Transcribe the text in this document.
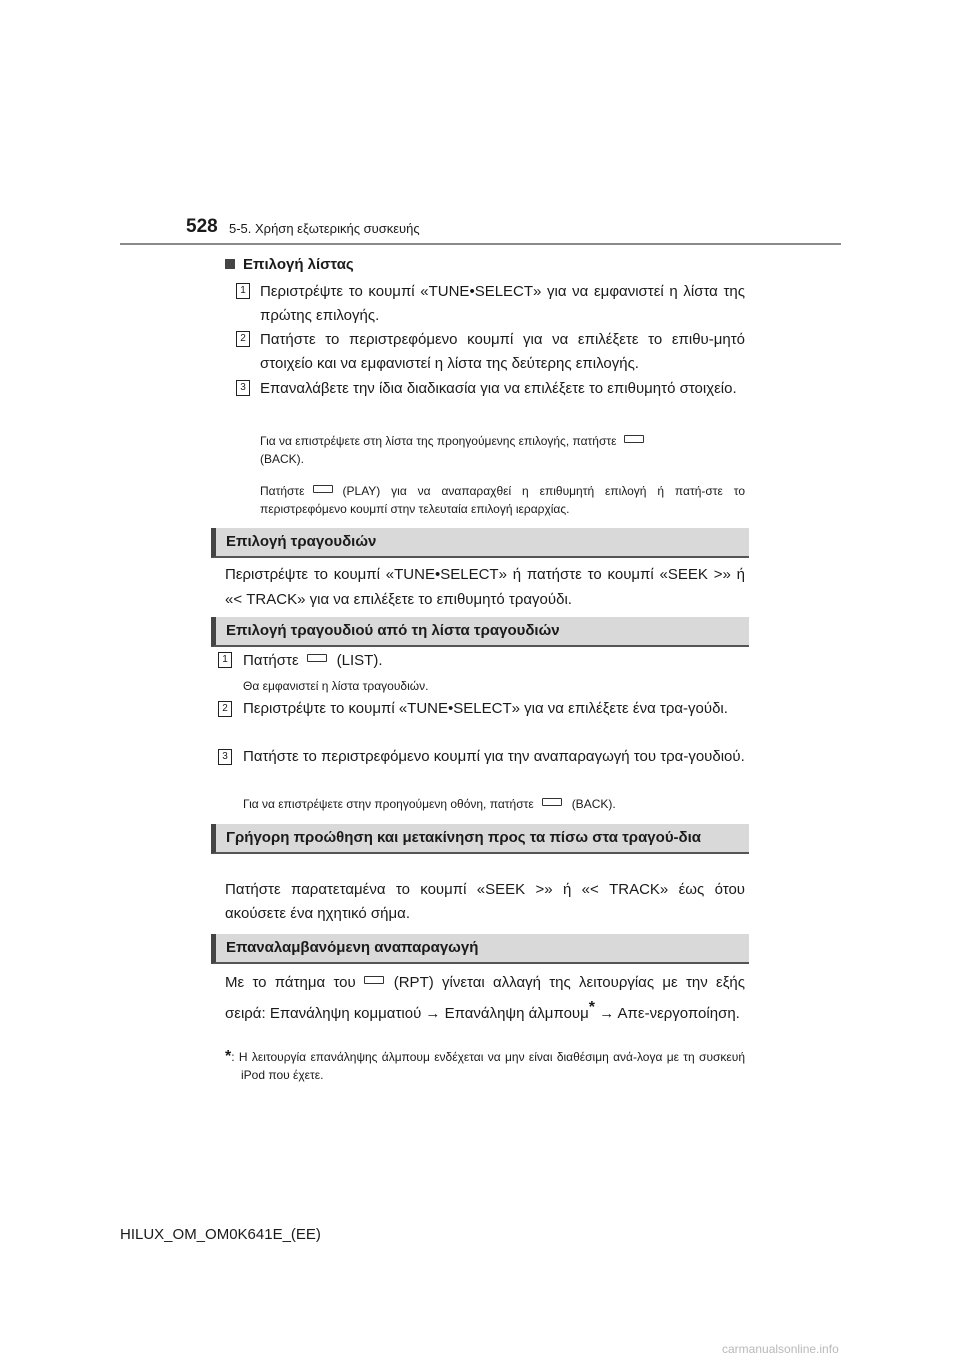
528 5-5. Χρήση εξωτερικής συσκευής
Επιλογή λίστας
1 Περιστρέψτε το κουμπί «TUNE•SELECT» για να εμφανιστεί η λίστα της πρώτης επιλογής.
2 Πατήστε το περιστρεφόμενο κουμπί για να επιλέξετε το επιθυ-μητό στοιχείο και να εμφανιστεί η λίστα της δεύτερης επιλογής.
3 Επαναλάβετε την ίδια διαδικασία για να επιλέξετε το επιθυμητό στοιχείο.
Για να επιστρέψετε στη λίστα της προηγούμενης επιλογής, πατήστε
(BACK).
Πατήστε	(PLAY) για να αναπαραχθεί η επιθυμητή επιλογή ή πατή-στε το περιστρεφόμενο κουμπί στην τελευταία επιλογή ιεραρχίας.
Επιλογή τραγουδιών
Περιστρέψτε το κουμπί «TUNE•SELECT» ή πατήστε το κουμπί «SEEK >» ή «< TRACK» για να επιλέξετε το επιθυμητό τραγούδι.
Επιλογή τραγουδιού από τη λίστα τραγουδιών
1 Πατήστε	(LIST).
Θα εμφανιστεί η λίστα τραγουδιών.
2 Περιστρέψτε το κουμπί «TUNE•SELECT» για να επιλέξετε ένα τρα-γούδι.
3 Πατήστε το περιστρεφόμενο κουμπί για την αναπαραγωγή του τρα-γουδιού.
Για να επιστρέψετε στην προηγούμενη οθόνη, πατήστε	(BACK).
Γρήγορη προώθηση και μετακίνηση προς τα πίσω στα τραγού-δια
Πατήστε παρατεταμένα το κουμπί «SEEK >» ή «< TRACK» έως ότου ακούσετε ένα ηχητικό σήμα.
Επαναλαμβανόμενη αναπαραγωγή
Με το πάτημα του	(RPT) γίνεται αλλαγή της λειτουργίας με την εξής σειρά: Επανάληψη κομματιού → Επανάληψη άλμπουμ* → Απε-νεργοποίηση.
*: Η λειτουργία επανάληψης άλμπουμ ενδέχεται να μην είναι διαθέσιμη ανά-λογα με τη συσκευή iPod που έχετε.
HILUX_OM_OM0K641E_(EE)
carmanualsonline.info
